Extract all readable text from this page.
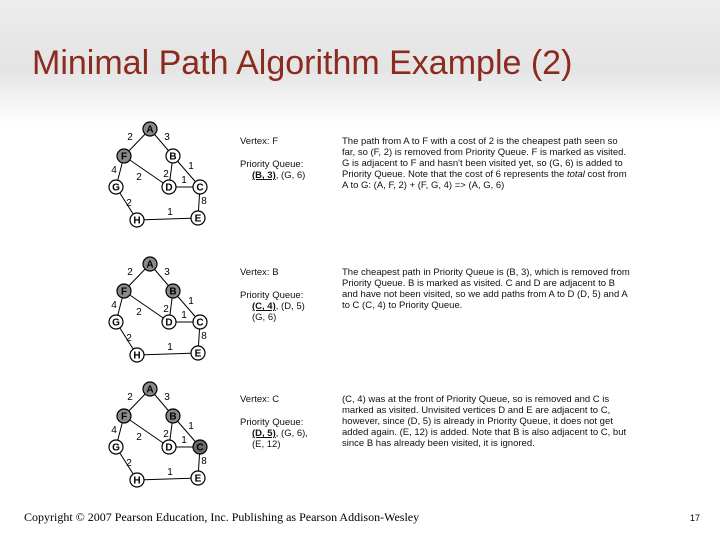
Minimal Path Algorithm Example (2)
2	3
4
2 2
1
1
2
1
8
A
B
C
D
E
F
G
H
2	3
4
2 2
1
1
2
1
8
A
B
C
D
E
F
G
H
2	3
4
2 2
1
1
2
1
8
A
B
C
D
E
F
G
H
Vertex: F
Priority Queue:
(B, 3), (G, 6)
The path from A to F with a cost of 2 is the cheapest path seen so far, so (F, 2) is removed from Priority Queue. F is marked as visited. G is adjacent to F and hasn't been visited yet, so (G, 6) is added to Priority Queue. Note that the cost of 6 represents the total cost from A to G: (A, F, 2) + (F, G, 4) => (A, G, 6)
Vertex: B
Priority Queue:
(C, 4), (D, 5)
(G, 6)
The cheapest path in Priority Queue is (B, 3), which is removed from Priority Queue. B is marked as visited. C and D are adjacent to B and have not been visited, so we add paths from A to D (D, 5) and A to C (C, 4) to Priority Queue.
Vertex: C
Priority Queue:
(D, 5), (G, 6),
(E, 12)
(C, 4) was at the front of Priority Queue, so is removed and C is marked as visited. Unvisited vertices D and E are adjacent to C, however, since (D, 5) is already in Priority Queue, it does not get added again. (E, 12) is added. Note that B is also adjacent to C, but since B has already been visited, it is ignored.
Copyright © 2007 Pearson Education, Inc. Publishing as Pearson Addison-Wesley	17
